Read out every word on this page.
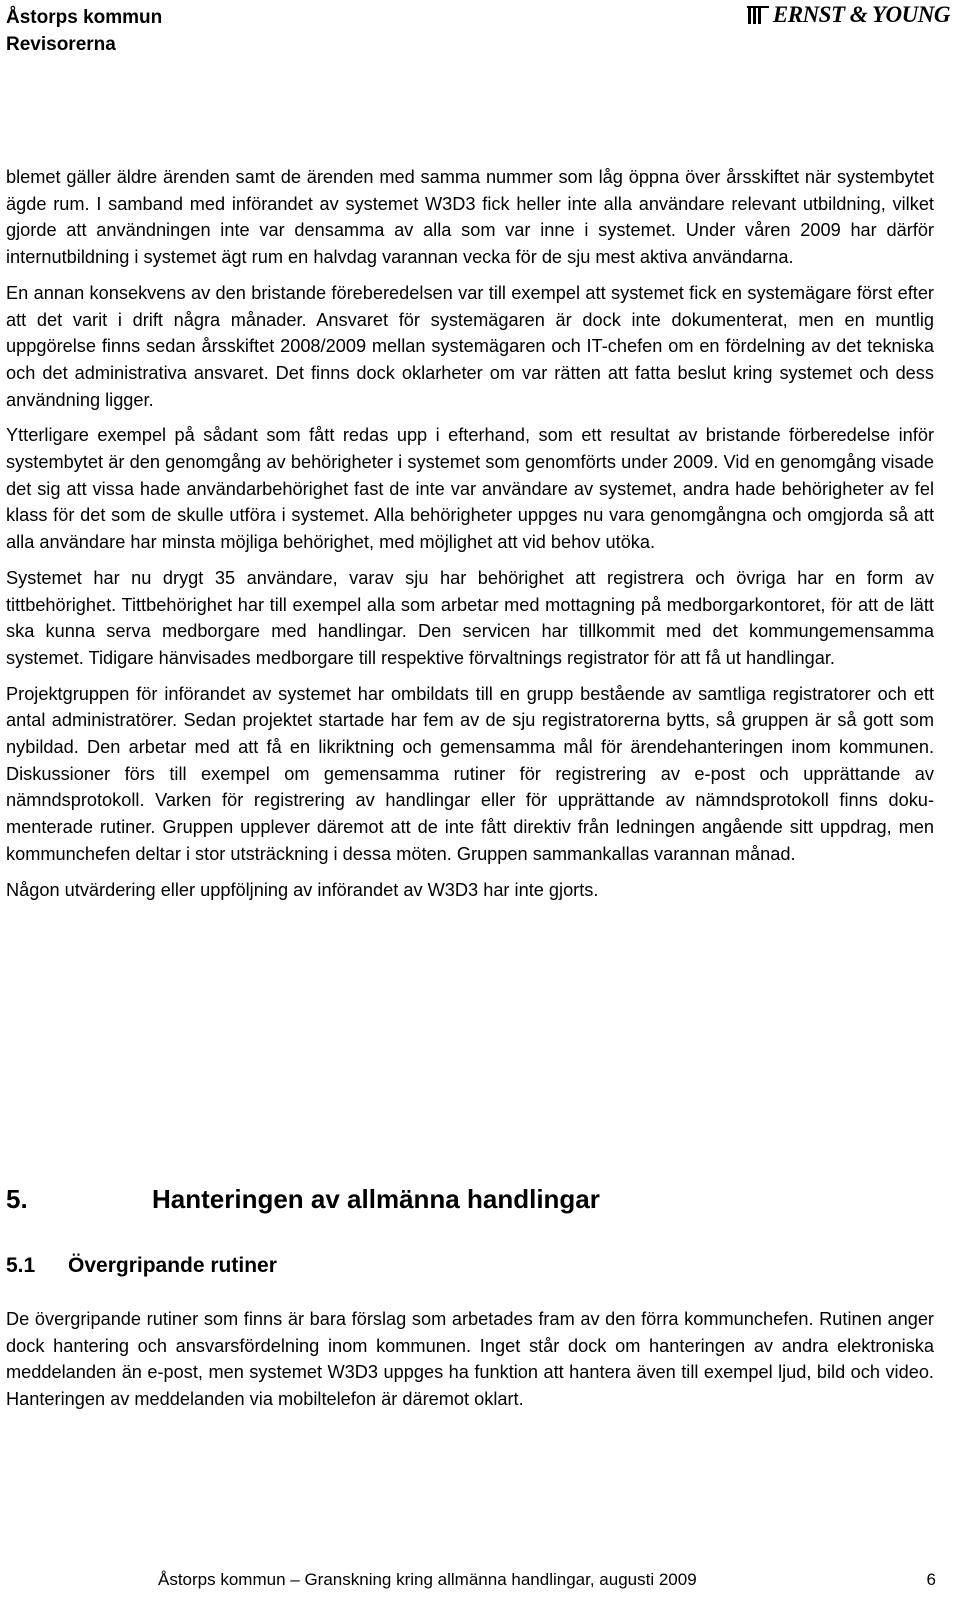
Åstorps kommun
Revisorerna
ERNST & YOUNG

blemet gäller äldre ärenden samt de ärenden med samma nummer som låg öppna över årsskiftet när systembytet ägde rum. I samband med införandet av systemet W3D3 fick heller inte alla användare relevant utbildning, vilket gjorde att användningen inte var densamma av alla som var inne i systemet. Under våren 2009 har därför internutbildning i systemet ägt rum en halvdag varannan vecka för de sju mest aktiva användarna.

En annan konsekvens av den bristande föreberedelsen var till exempel att systemet fick en systemägare först efter att det varit i drift några månader. Ansvaret för systemägaren är dock inte dokumenterat, men en muntlig uppgörelse finns sedan årsskiftet 2008/2009 mellan systemägaren och IT-chefen om en fördelning av det tekniska och det administrativa ansvaret. Det finns dock oklarheter om var rätten att fatta beslut kring systemet och dess användning ligger.

Ytterligare exempel på sådant som fått redas upp i efterhand, som ett resultat av bristande förberedelse inför systembytet är den genomgång av behörigheter i systemet som genomförts under 2009. Vid en genomgång visade det sig att vissa hade användarbehörighet fast de inte var användare av systemet, andra hade behörigheter av fel klass för det som de skulle utföra i systemet. Alla behörigheter uppges nu vara genomgångna och omgjorda så att alla användare har minsta möjliga behörighet, med möjlighet att vid behov utöka.

Systemet har nu drygt 35 användare, varav sju har behörighet att registrera och övriga har en form av tittbehörighet. Tittbehörighet har till exempel alla som arbetar med mottagning på medborgarkontoret, för att de lätt ska kunna serva medborgare med handlingar. Den servicen har tillkommit med det kommungemensamma systemet. Tidigare hänvisades medborgare till respektive förvaltnings registrator för att få ut handlingar.

Projektgruppen för införandet av systemet har ombildats till en grupp bestående av samtliga registratorer och ett antal administratörer. Sedan projektet startade har fem av de sju registratorerna bytts, så gruppen är så gott som nybildad. Den arbetar med att få en likriktning och gemensamma mål för ärendehanteringen inom kommunen. Diskussioner förs till exempel om gemensamma rutiner för registrering av e-post och upprättande av nämndsprotokoll. Varken för registrering av handlingar eller för upprättande av nämndsprotokoll finns dokumenterade rutiner. Gruppen upplever däremot att de inte fått direktiv från ledningen angående sitt uppdrag, men kommunchefen deltar i stor utsträckning i dessa möten. Gruppen sammankallas varannan månad.

Någon utvärdering eller uppföljning av införandet av W3D3 har inte gjorts.

5.	Hanteringen av allmänna handlingar
5.1 Övergripande rutiner

De övergripande rutiner som finns är bara förslag som arbetades fram av den förra kommunchefen. Rutinen anger dock hantering och ansvarsfördelning inom kommunen. Inget står dock om hanteringen av andra elektroniska meddelanden än e-post, men systemet W3D3 uppges ha funktion att hantera även till exempel ljud, bild och video. Hanteringen av meddelanden via mobiltelefon är däremot oklart.

Åstorps kommun – Granskning kring allmänna handlingar, augusti 2009	6
